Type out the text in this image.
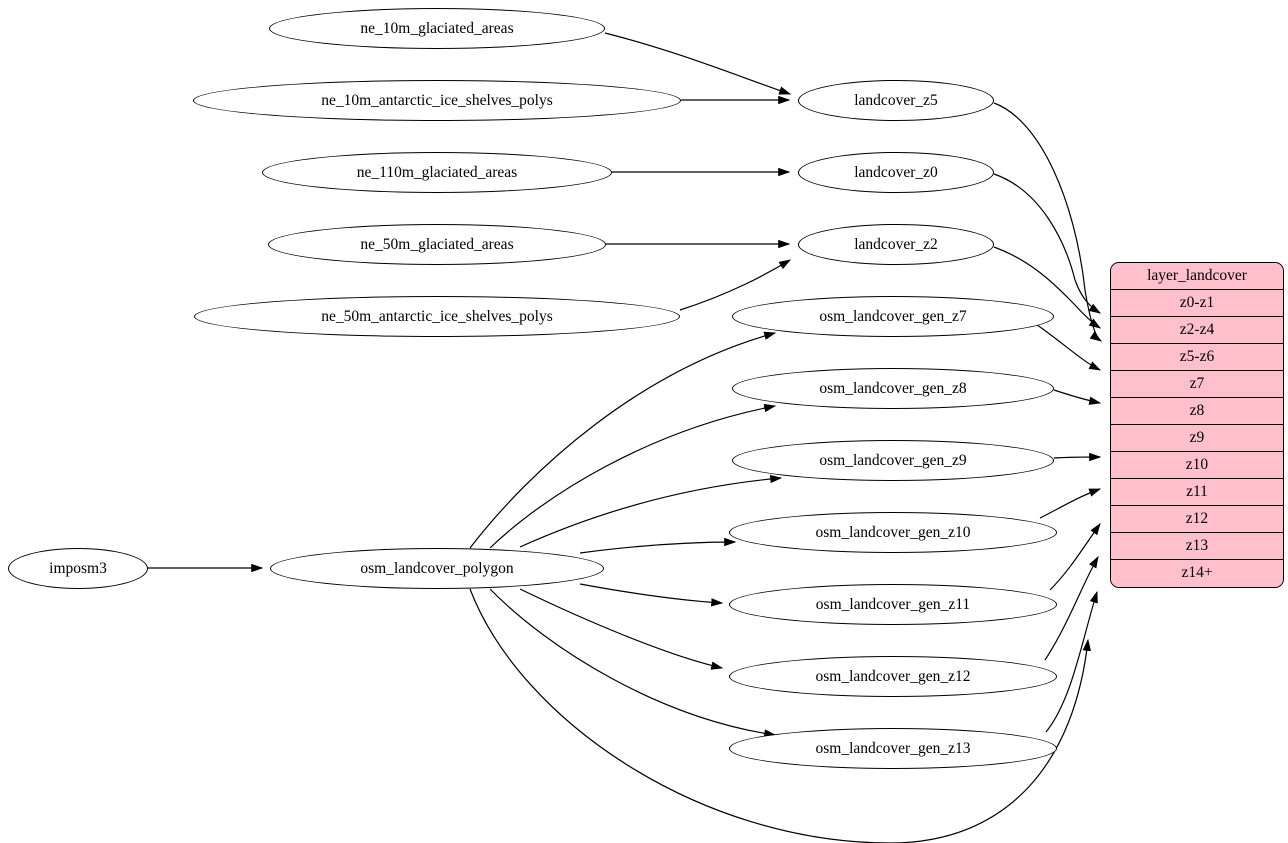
imposm3
ne_10m_glaciated_areas
ne_10m_antarctic_ice_shelves_polys
ne_110m_glaciated_areas
ne_50m_glaciated_areas
ne_50m_antarctic_ice_shelves_polys
osm_landcover_polygon
landcover_z5
landcover_z0
landcover_z2
osm_landcover_gen_z7
osm_landcover_gen_z8
osm_landcover_gen_z9
osm_landcover_gen_z10
osm_landcover_gen_z11
osm_landcover_gen_z12
osm_landcover_gen_z13
layer_landcover
z0-z1
z2-z4
z5-z6
z7
z8
z9
z10
z11
z12
z13
z14+
